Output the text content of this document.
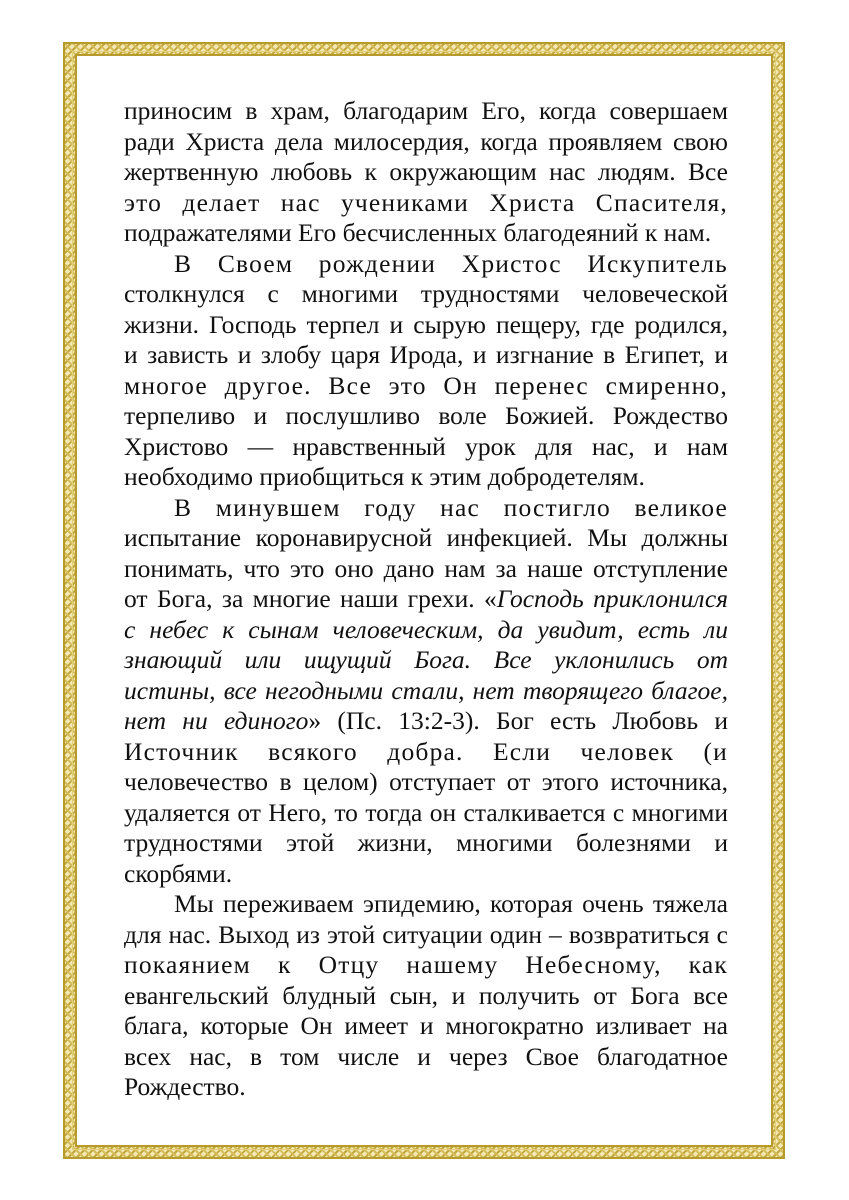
приносим в храм, благодарим Его, когда совершаем
ради Христа дела милосердия, когда проявляем свою
жертвенную любовь к окружающим нас людям. Все
это делает нас учениками Христа Спасителя,
подражателями Его бесчисленных благодеяний к нам.
В Своем рождении Христос Искупитель
столкнулся с многими трудностями человеческой
жизни. Господь терпел и сырую пещеру, где родился,
и зависть и злобу царя Ирода, и изгнание в Египет, и
многое другое. Все это Он перенес смиренно,
терпеливо и послушливо воле Божией. Рождество
Христово — нравственный урок для нас, и нам
необходимо приобщиться к этим добродетелям.
В минувшем году нас постигло великое
испытание коронавирусной инфекцией. Мы должны
понимать, что это оно дано нам за наше отступление
от Бога, за многие наши грехи. «Господь приклонился
с небес к сынам человеческим, да увидит, есть ли
знающий или ищущий Бога. Все уклонились от
истины, все негодными стали, нет творящего благое,
нет ни единого» (Пс. 13:2-3). Бог есть Любовь и
Источник всякого добра. Если человек (и
человечество в целом) отступает от этого источника,
удаляется от Него, то тогда он сталкивается с многими
трудностями этой жизни, многими болезнями и
скорбями.
Мы переживаем эпидемию, которая очень тяжела
для нас. Выход из этой ситуации один – возвратиться с
покаянием к Отцу нашему Небесному, как
евангельский блудный сын, и получить от Бога все
блага, которые Он имеет и многократно изливает на
всех нас, в том числе и через Свое благодатное
Рождество.
